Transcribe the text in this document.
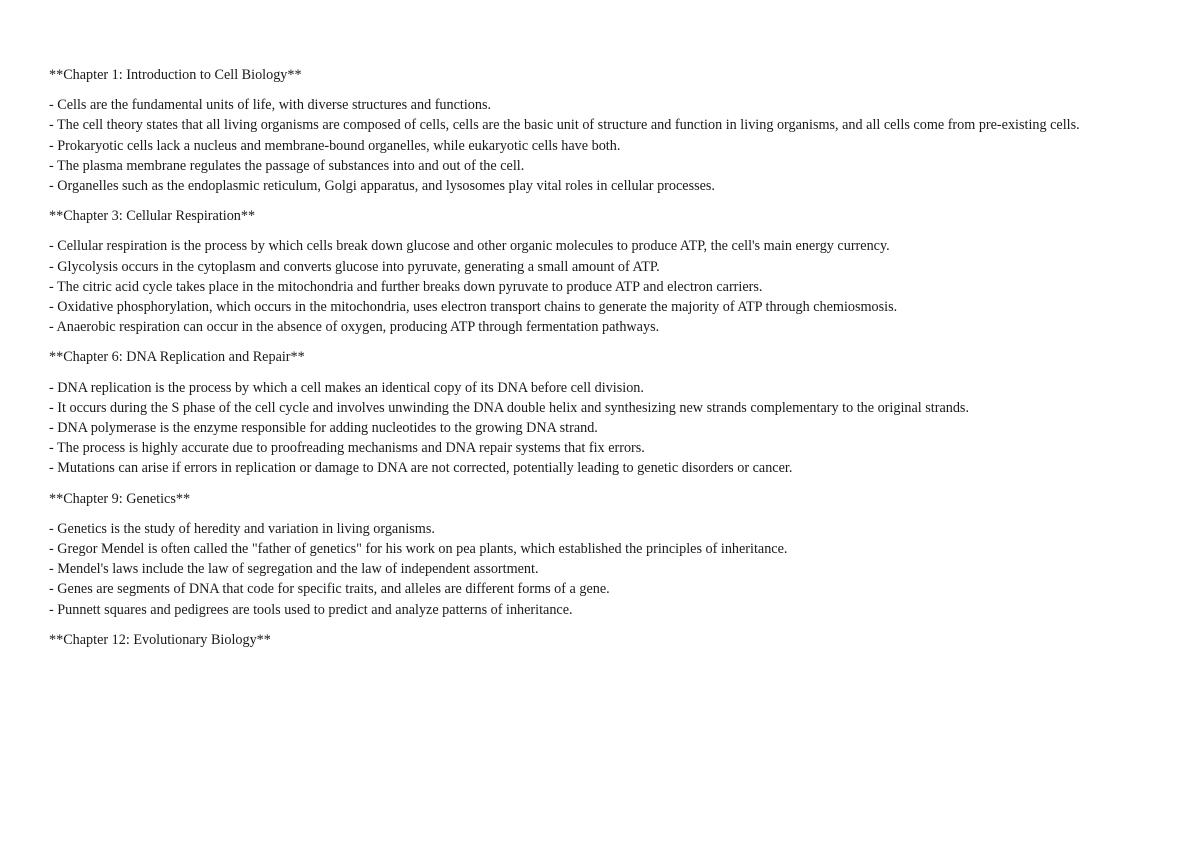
**Chapter 1: Introduction to Cell Biology**

- Cells are the fundamental units of life, with diverse structures and functions.

- The cell theory states that all living organisms are composed of cells, cells are the basic unit of structure and function in living organisms, and all cells come from pre-existing cells.

- Prokaryotic cells lack a nucleus and membrane-bound organelles, while eukaryotic cells have both.

- The plasma membrane regulates the passage of substances into and out of the cell.

- Organelles such as the endoplasmic reticulum, Golgi apparatus, and lysosomes play vital roles in cellular processes.

**Chapter 3: Cellular Respiration**

- Cellular respiration is the process by which cells break down glucose and other organic molecules to produce ATP, the cell's main energy currency.

- Glycolysis occurs in the cytoplasm and converts glucose into pyruvate, generating a small amount of ATP.

- The citric acid cycle takes place in the mitochondria and further breaks down pyruvate to produce ATP and electron carriers.

- Oxidative phosphorylation, which occurs in the mitochondria, uses electron transport chains to generate the majority of ATP through chemiosmosis.

- Anaerobic respiration can occur in the absence of oxygen, producing ATP through fermentation pathways.

**Chapter 6: DNA Replication and Repair**

- DNA replication is the process by which a cell makes an identical copy of its DNA before cell division.

- It occurs during the S phase of the cell cycle and involves unwinding the DNA double helix and synthesizing new strands complementary to the original strands.

- DNA polymerase is the enzyme responsible for adding nucleotides to the growing DNA strand.

- The process is highly accurate due to proofreading mechanisms and DNA repair systems that fix errors.

- Mutations can arise if errors in replication or damage to DNA are not corrected, potentially leading to genetic disorders or cancer.

**Chapter 9: Genetics**

- Genetics is the study of heredity and variation in living organisms.

- Gregor Mendel is often called the "father of genetics" for his work on pea plants, which established the principles of inheritance.

- Mendel's laws include the law of segregation and the law of independent assortment.

- Genes are segments of DNA that code for specific traits, and alleles are different forms of a gene.

- Punnett squares and pedigrees are tools used to predict and analyze patterns of inheritance.

**Chapter 12: Evolutionary Biology**
